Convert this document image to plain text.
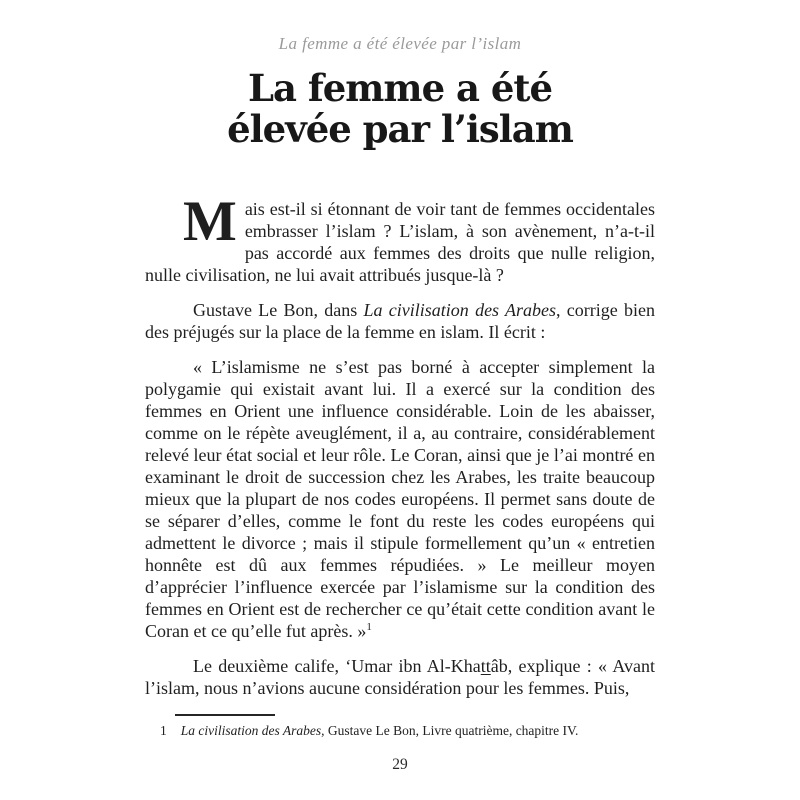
La femme a été élevée par l’islam
La femme a été
élevée par l’islam

Mais est-il si étonnant de voir tant de femmes occidentales embrasser l’islam ? L’islam, à son avènement, n’a-t-il pas accordé aux femmes des droits que nulle religion, nulle civilisation, ne lui avait attribués jusque-là ?

Gustave Le Bon, dans La civilisation des Arabes, corrige bien des préjugés sur la place de la femme en islam. Il écrit :

« L’islamisme ne s’est pas borné à accepter simplement la polygamie qui existait avant lui. Il a exercé sur la condition des femmes en Orient une influence considérable. Loin de les abaisser, comme on le répète aveuglément, il a, au contraire, considérablement relevé leur état social et leur rôle. Le Coran, ainsi que je l’ai montré en examinant le droit de succession chez les Arabes, les traite beaucoup mieux que la plupart de nos codes européens. Il permet sans doute de se séparer d’elles, comme le font du reste les codes européens qui admettent le divorce ; mais il stipule formellement qu’un « entretien honnête est dû aux femmes répudiées. » Le meilleur moyen d’apprécier l’influence exercée par l’islamisme sur la condition des femmes en Orient est de rechercher ce qu’était cette condition avant le Coran et ce qu’elle fut après. »$^1$

Le deuxième calife, ‘Umar ibn Al-Khattâb, explique : « Avant l’islam, nous n’avions aucune considération pour les femmes. Puis,

1 La civilisation des Arabes, Gustave Le Bon, Livre quatrième, chapitre IV.
29
